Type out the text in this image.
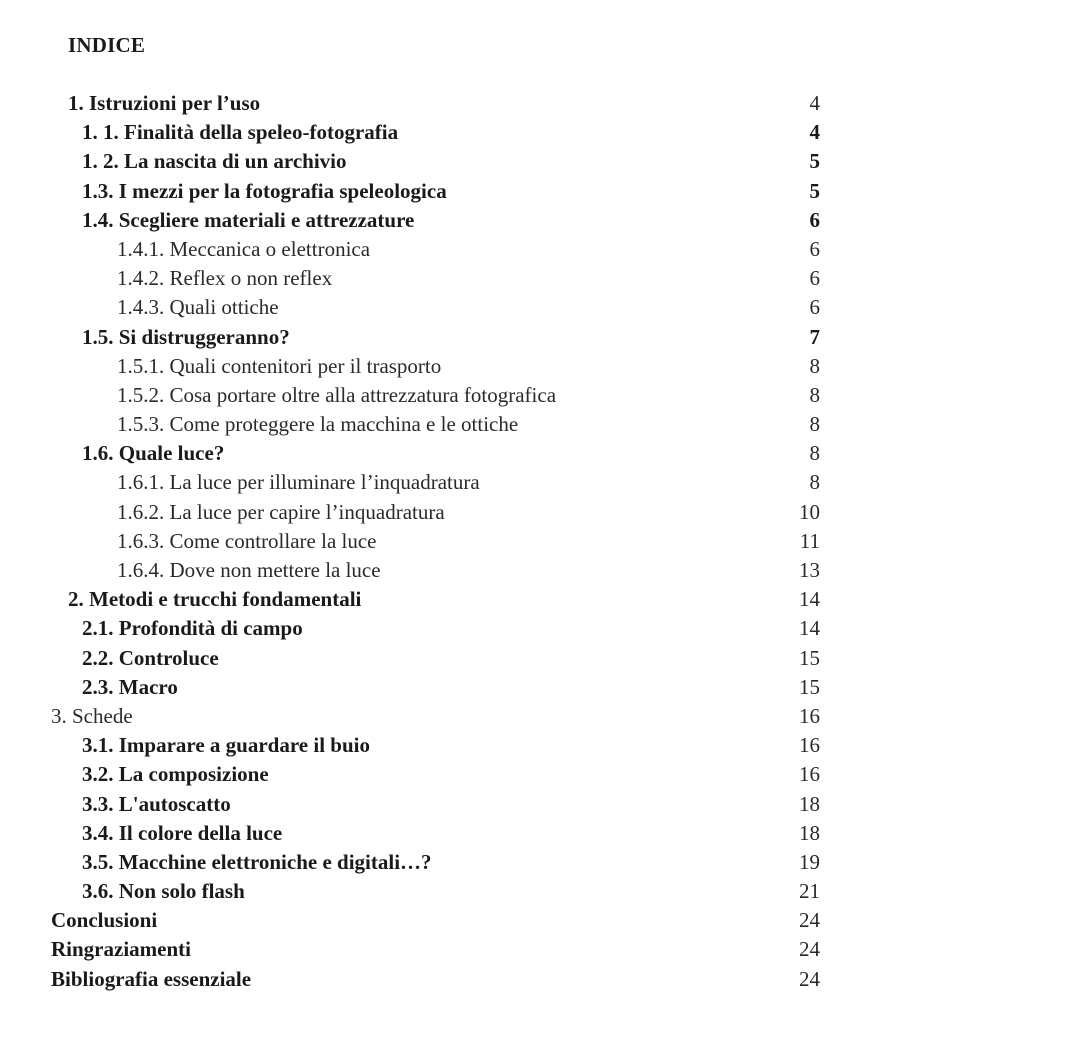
INDICE
1. Istruzioni per l’uso	4
1. 1. Finalità della speleo-fotografia	4
1. 2. La nascita di un archivio	5
1.3. I mezzi per la fotografia speleologica	5
1.4. Scegliere materiali e attrezzature	6
1.4.1. Meccanica o elettronica	6
1.4.2. Reflex o non reflex	6
1.4.3. Quali ottiche	6
1.5. Si distruggeranno?	7
1.5.1. Quali contenitori per il trasporto	8
1.5.2. Cosa portare oltre alla attrezzatura fotografica	8
1.5.3. Come proteggere la macchina e le ottiche	8
1.6. Quale luce?	8
1.6.1. La luce per illuminare l’inquadratura	8
1.6.2. La luce per capire l’inquadratura	10
1.6.3. Come controllare la luce	11
1.6.4. Dove non mettere la luce	13
2. Metodi e trucchi fondamentali	14
2.1. Profondità di campo	14
2.2. Controluce	15
2.3. Macro	15
3. Schede	16
3.1. Imparare a guardare il buio	16
3.2. La composizione	16
3.3. L'autoscatto	18
3.4. Il colore della luce	18
3.5. Macchine elettroniche e digitali…?	19
3.6. Non solo flash	21
Conclusioni	24
Ringraziamenti	24
Bibliografia essenziale	24
